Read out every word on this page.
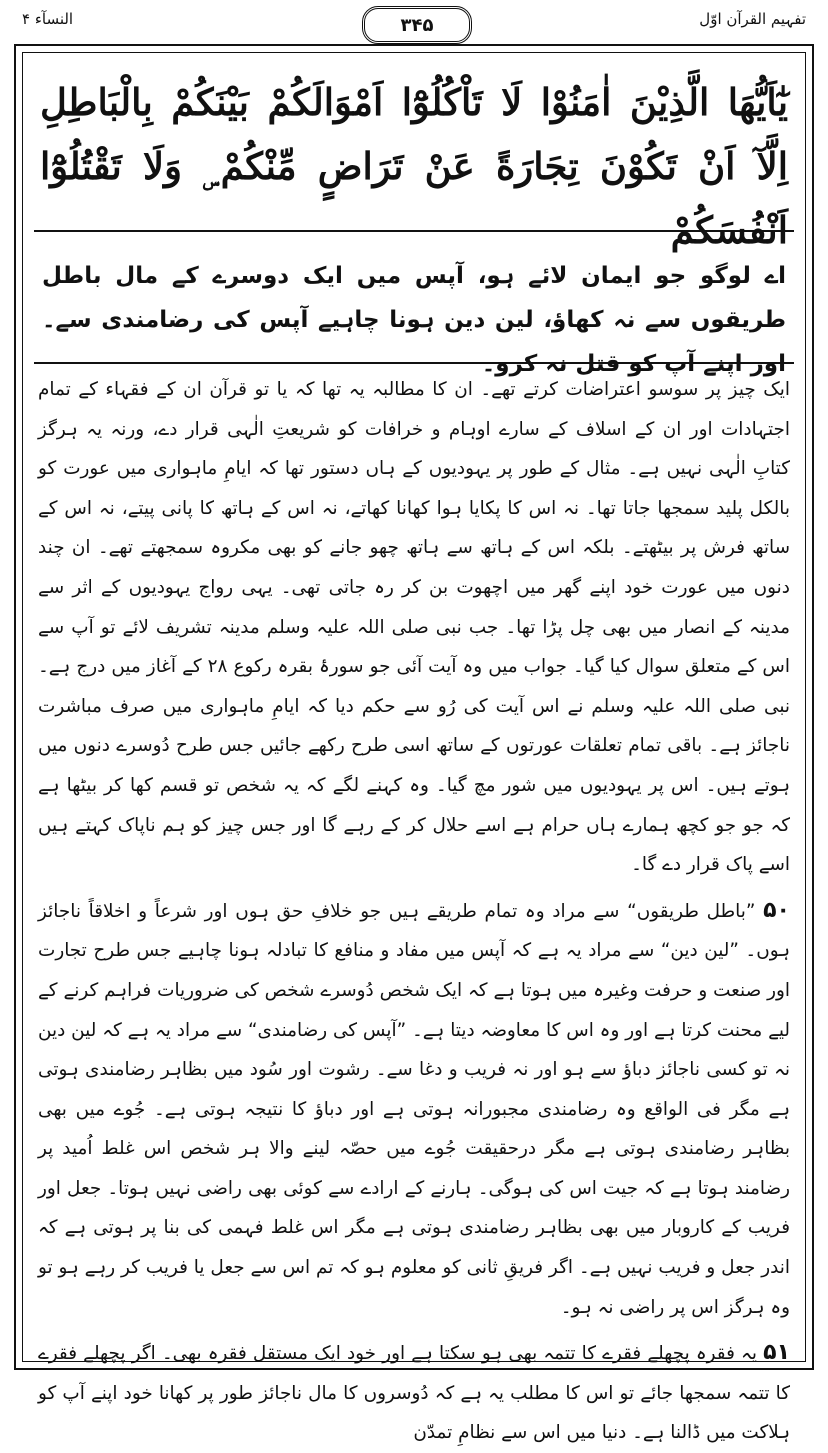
النسآء ۴	۳۴۵	تفہیم القرآن اوّل

يٰٓاَيُّهَا الَّذِيْنَ اٰمَنُوْا لَا تَاْكُلُوْٓا اَمْوَالَكُمْ بَيْنَكُمْ بِالْبَاطِلِ اِلَّآ اَنْ تَكُوْنَ تِجَارَةً عَنْ تَرَاضٍ مِّنْكُمْ ۣ وَلَا تَقْتُلُوْٓا اَنْفُسَكُمْ

اے لوگو جو ایمان لائے ہو، آپس میں ایک دوسرے کے مال باطل طریقوں سے نہ کھاؤ، لین دین ہونا چاہیے آپس کی رضامندی سے۔ اور اپنے آپ کو قتل نہ کرو۔

ایک چیز پر سوسو اعتراضات کرتے تھے۔ ان کا مطالبہ یہ تھا کہ یا تو قرآن ان کے فقہاء کے تمام اجتہادات اور ان کے اسلاف کے سارے اوہام و خرافات کو شریعتِ الٰہی قرار دے، ورنہ یہ ہرگز کتابِ الٰہی نہیں ہے۔ مثال کے طور پر یہودیوں کے ہاں دستور تھا کہ ایامِ ماہواری میں عورت کو بالکل پلید سمجھا جاتا تھا۔ نہ اس کا پکایا ہوا کھانا کھاتے، نہ اس کے ہاتھ کا پانی پیتے، نہ اس کے ساتھ فرش پر بیٹھتے۔ بلکہ اس کے ہاتھ سے ہاتھ چھو جانے کو بھی مکروہ سمجھتے تھے۔ ان چند دنوں میں عورت خود اپنے گھر میں اچھوت بن کر رہ جاتی تھی۔ یہی رواج یہودیوں کے اثر سے مدینہ کے انصار میں بھی چل پڑا تھا۔ جب نبی صلی اللہ علیہ وسلم مدینہ تشریف لائے تو آپ سے اس کے متعلق سوال کیا گیا۔ جواب میں وہ آیت آئی جو سورۂ بقرہ رکوع ۲۸ کے آغاز میں درج ہے۔ نبی صلی اللہ علیہ وسلم نے اس آیت کی رُو سے حکم دیا کہ ایامِ ماہواری میں صرف مباشرت ناجائز ہے۔ باقی تمام تعلقات عورتوں کے ساتھ اسی طرح رکھے جائیں جس طرح دُوسرے دنوں میں ہوتے ہیں۔ اس پر یہودیوں میں شور مچ گیا۔ وہ کہنے لگے کہ یہ شخص تو قسم کھا کر بیٹھا ہے کہ جو جو کچھ ہمارے ہاں حرام ہے اسے حلال کر کے رہے گا اور جس چیز کو ہم ناپاک کہتے ہیں اسے پاک قرار دے گا۔

۵۰ ”باطل طریقوں“ سے مراد وہ تمام طریقے ہیں جو خلافِ حق ہوں اور شرعاً و اخلاقاً ناجائز ہوں۔ ”لین دین“ سے مراد یہ ہے کہ آپس میں مفاد و منافع کا تبادلہ ہونا چاہیے جس طرح تجارت اور صنعت و حرفت وغیرہ میں ہوتا ہے کہ ایک شخص دُوسرے شخص کی ضروریات فراہم کرنے کے لیے محنت کرتا ہے اور وہ اس کا معاوضہ دیتا ہے۔ ”آپس کی رضامندی“ سے مراد یہ ہے کہ لین دین نہ تو کسی ناجائز دباؤ سے ہو اور نہ فریب و دغا سے۔ رشوت اور سُود میں بظاہر رضامندی ہوتی ہے مگر فی الواقع وہ رضامندی مجبورانہ ہوتی ہے اور دباؤ کا نتیجہ ہوتی ہے۔ جُوے میں بھی بظاہر رضامندی ہوتی ہے مگر درحقیقت جُوے میں حصّہ لینے والا ہر شخص اس غلط اُمید پر رضامند ہوتا ہے کہ جیت اس کی ہوگی۔ ہارنے کے ارادے سے کوئی بھی راضی نہیں ہوتا۔ جعل اور فریب کے کاروبار میں بھی بظاہر رضامندی ہوتی ہے مگر اس غلط فہمی کی بنا پر ہوتی ہے کہ اندر جعل و فریب نہیں ہے۔ اگر فریقِ ثانی کو معلوم ہو کہ تم اس سے جعل یا فریب کر رہے ہو تو وہ ہرگز اس پر راضی نہ ہو۔

۵۱ یہ فقرہ پچھلے فقرے کا تتمہ بھی ہو سکتا ہے اور خود ایک مستقل فقرہ بھی۔ اگر پچھلے فقرے کا تتمہ سمجھا جائے تو اس کا مطلب یہ ہے کہ دُوسروں کا مال ناجائز طور پر کھانا خود اپنے آپ کو ہلاکت میں ڈالنا ہے۔ دنیا میں اس سے نظامِ تمدّن
